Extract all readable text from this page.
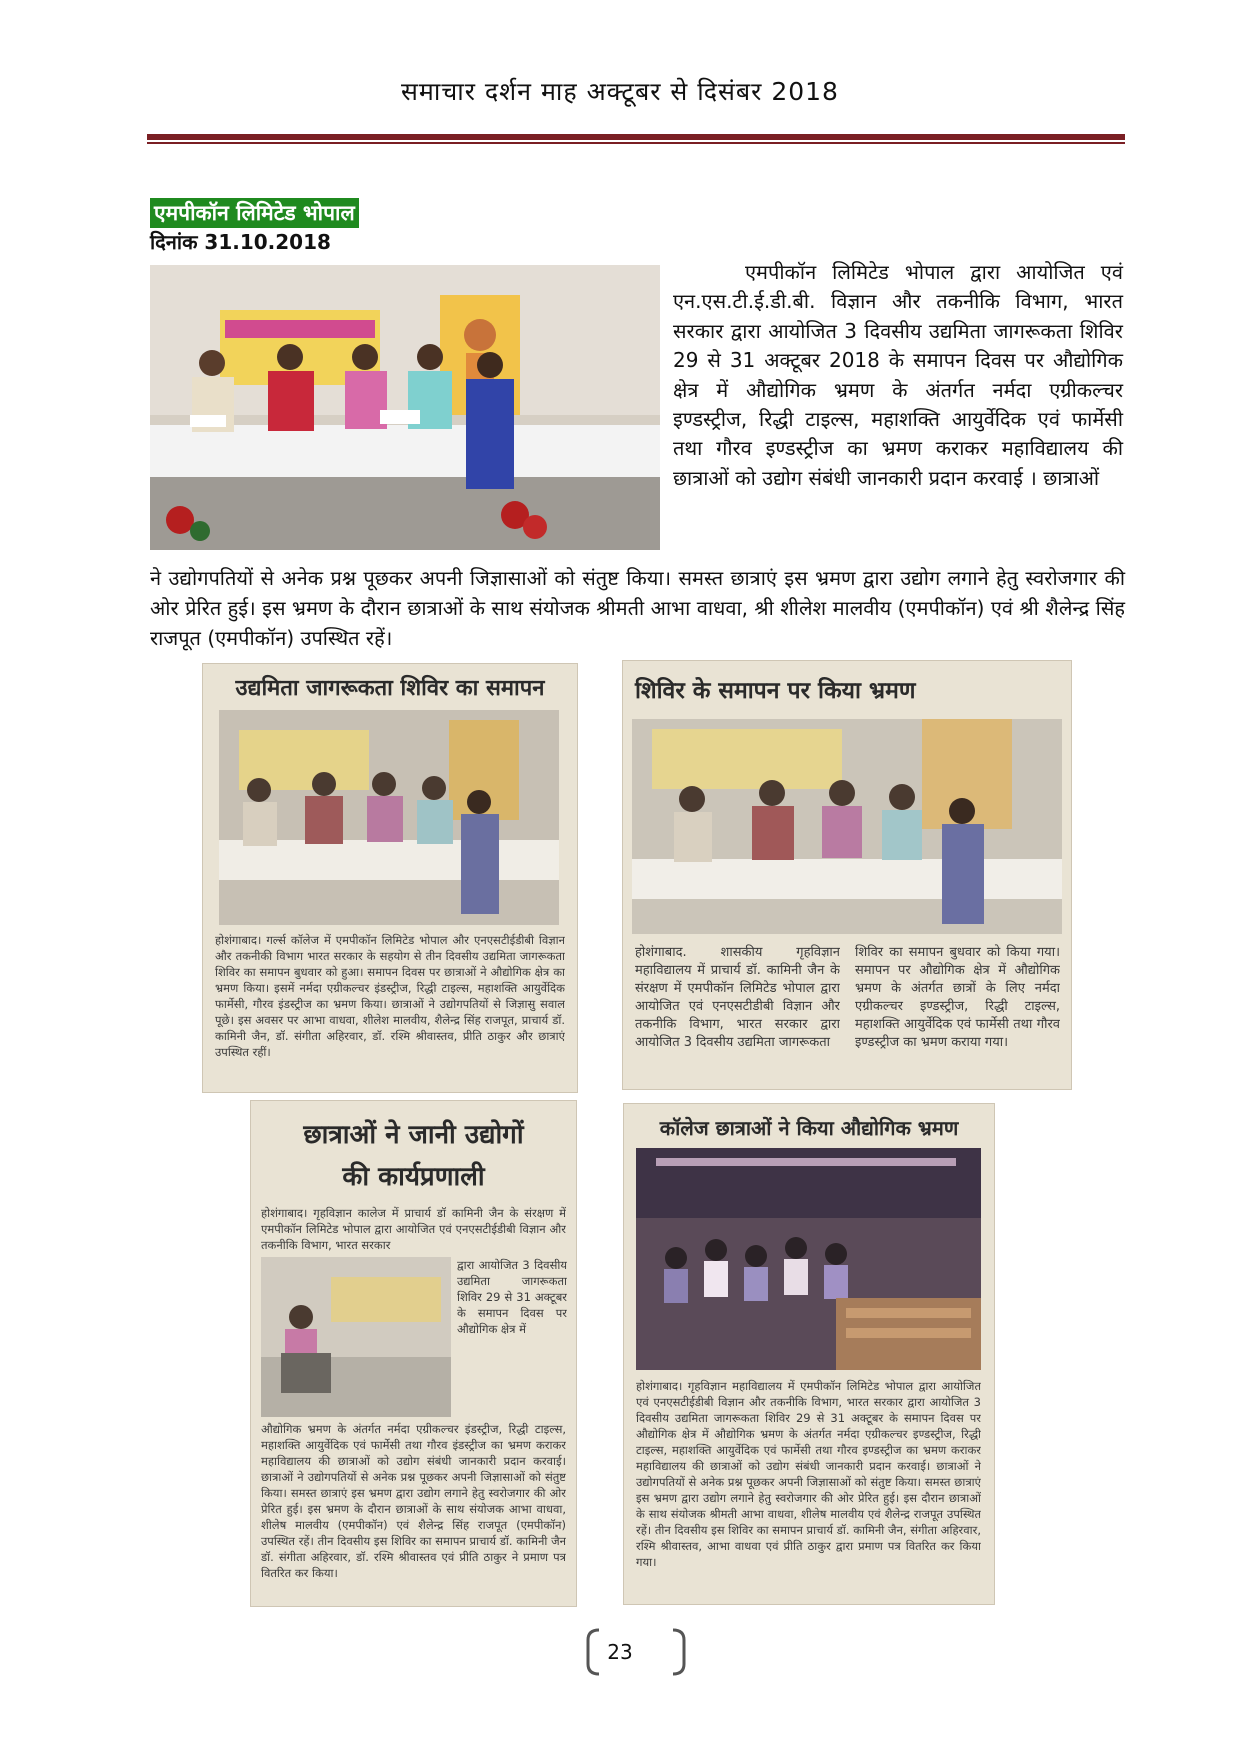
समाचार दर्शन माह अक्टूबर से दिसंबर 2018
एमपीकॉन लिमिटेड भोपाल
दिनांक 31.10.2018
एमपीकॉन लिमिटेड भोपाल द्वारा आयोजित एवं एन.एस.टी.ई.डी.बी. विज्ञान और तकनीकि विभाग, भारत सरकार द्वारा आयोजित 3 दिवसीय उद्यमिता जागरूकता शिविर 29 से 31 अक्टूबर 2018 के समापन दिवस पर औद्योगिक क्षेत्र में औद्योगिक भ्रमण के अंतर्गत नर्मदा एग्रीकल्चर इण्डस्ट्रीज, रिद्धी टाइल्स, महाशक्ति आयुर्वेदिक एवं फार्मेसी तथा गौरव इण्डस्ट्रीज का भ्रमण कराकर महाविद्यालय की छात्राओं को उद्योग संबंधी जानकारी प्रदान करवाई । छात्राओं
ने उद्योगपतियों से अनेक प्रश्न पूछकर अपनी जिज्ञासाओं को संतुष्ट किया। समस्त छात्राएं इस भ्रमण द्वारा उद्योग लगाने हेतु स्वरोजगार की ओर प्रेरित हुई। इस भ्रमण के दौरान छात्राओं के साथ संयोजक श्रीमती आभा वाधवा, श्री शीलेश मालवीय (एमपीकॉन) एवं श्री शैलेन्द्र सिंह राजपूत (एमपीकॉन) उपस्थित रहें।
उद्यमिता जागरूकता शिविर का समापन
होशंगाबाद। गर्ल्स कॉलेज में एमपीकॉन लिमिटेड भोपाल और एनएसटीईडीबी विज्ञान और तकनीकी विभाग भारत सरकार के सहयोग से तीन दिवसीय उद्यमिता जागरूकता शिविर का समापन बुधवार को हुआ। समापन दिवस पर छात्राओं ने औद्योगिक क्षेत्र का भ्रमण किया। इसमें नर्मदा एग्रीकल्चर इंडस्ट्रीज, रिद्धी टाइल्स, महाशक्ति आयुर्वेदिक फार्मेसी, गौरव इंडस्ट्रीज का भ्रमण किया। छात्राओं ने उद्योगपतियों से जिज्ञासु सवाल पूछे। इस अवसर पर आभा वाधवा, शीलेश मालवीय, शैलेन्द्र सिंह राजपूत, प्राचार्य डॉ. कामिनी जैन, डॉ. संगीता अहिरवार, डॉ. रश्मि श्रीवास्तव, प्रीति ठाकुर और छात्राएं उपस्थित रहीं।
शिविर के समापन पर किया भ्रमण
होशंगाबाद. शासकीय गृहविज्ञान महाविद्यालय में प्राचार्य डॉ. कामिनी जैन के संरक्षण में एमपीकॉन लिमिटेड भोपाल द्वारा आयोजित एवं एनएसटीडीबी विज्ञान और तकनीकि विभाग, भारत सरकार द्वारा आयोजित 3 दिवसीय उद्यमिता जागरूकता
शिविर का समापन बुधवार को किया गया। समापन पर औद्योगिक क्षेत्र में औद्योगिक भ्रमण के अंतर्गत छात्रों के लिए नर्मदा एग्रीकल्चर इण्डस्ट्रीज, रिद्धी टाइल्स, महाशक्ति आयुर्वेदिक एवं फार्मेसी तथा गौरव इण्डस्ट्रीज का भ्रमण कराया गया।
छात्राओं ने जानी उद्योगों
की कार्यप्रणाली
होशंगाबाद। गृहविज्ञान कालेज में प्राचार्य डॉ कामिनी जैन के संरक्षण में एमपीकॉन लिमिटेड भोपाल द्वारा आयोजित एवं एनएसटीईडीबी विज्ञान और तकनीकि विभाग, भारत सरकार
द्वारा आयोजित 3 दिवसीय उद्यमिता जागरूकता शिविर 29 से 31 अक्टूबर के समापन दिवस पर औद्योगिक क्षेत्र में
औद्योगिक भ्रमण के अंतर्गत नर्मदा एग्रीकल्चर इंडस्ट्रीज, रिद्धी टाइल्स, महाशक्ति आयुर्वेदिक एवं फार्मेसी तथा गौरव इंडस्ट्रीज का भ्रमण कराकर महाविद्यालय की छात्राओं को उद्योग संबंधी जानकारी प्रदान करवाई। छात्राओं ने उद्योगपतियों से अनेक प्रश्न पूछकर अपनी जिज्ञासाओं को संतुष्ट किया। समस्त छात्राएं इस भ्रमण द्वारा उद्योग लगाने हेतु स्वरोजगार की ओर प्रेरित हुई। इस भ्रमण के दौरान छात्राओं के साथ संयोजक आभा वाधवा, शीलेष मालवीय (एमपीकॉन) एवं शैलेन्द्र सिंह राजपूत (एमपीकॉन) उपस्थित रहें। तीन दिवसीय इस शिविर का समापन प्राचार्य डॉ. कामिनी जैन डॉ. संगीता अहिरवार, डॉ. रश्मि श्रीवास्तव एवं प्रीति ठाकुर ने प्रमाण पत्र वितरित कर किया।
कॉलेज छात्राओं ने किया औद्योगिक भ्रमण
होशंगाबाद। गृहविज्ञान महाविद्यालय में एमपीकॉन लिमिटेड भोपाल द्वारा आयोजित एवं एनएसटीईडीबी विज्ञान और तकनीकि विभाग, भारत सरकार द्वारा आयोजित 3 दिवसीय उद्यमिता जागरूकता शिविर 29 से 31 अक्टूबर के समापन दिवस पर औद्योगिक क्षेत्र में औद्योगिक भ्रमण के अंतर्गत नर्मदा एग्रीकल्चर इण्डस्ट्रीज, रिद्धी टाइल्स, महाशक्ति आयुर्वेदिक एवं फार्मेसी तथा गौरव इण्डस्ट्रीज का भ्रमण कराकर महाविद्यालय की छात्राओं को उद्योग संबंधी जानकारी प्रदान करवाई। छात्राओं ने उद्योगपतियों से अनेक प्रश्न पूछकर अपनी जिज्ञासाओं को संतुष्ट किया। समस्त छात्राएं इस भ्रमण द्वारा उद्योग लगाने हेतु स्वरोजगार की ओर प्रेरित हुई। इस दौरान छात्राओं के साथ संयोजक श्रीमती आभा वाधवा, शीलेष मालवीय एवं शैलेन्द्र राजपूत उपस्थित रहें। तीन दिवसीय इस शिविर का समापन प्राचार्य डॉ. कामिनी जैन, संगीता अहिरवार, रश्मि श्रीवास्तव, आभा वाधवा एवं प्रीति ठाकुर द्वारा प्रमाण पत्र वितरित कर किया गया।
23
